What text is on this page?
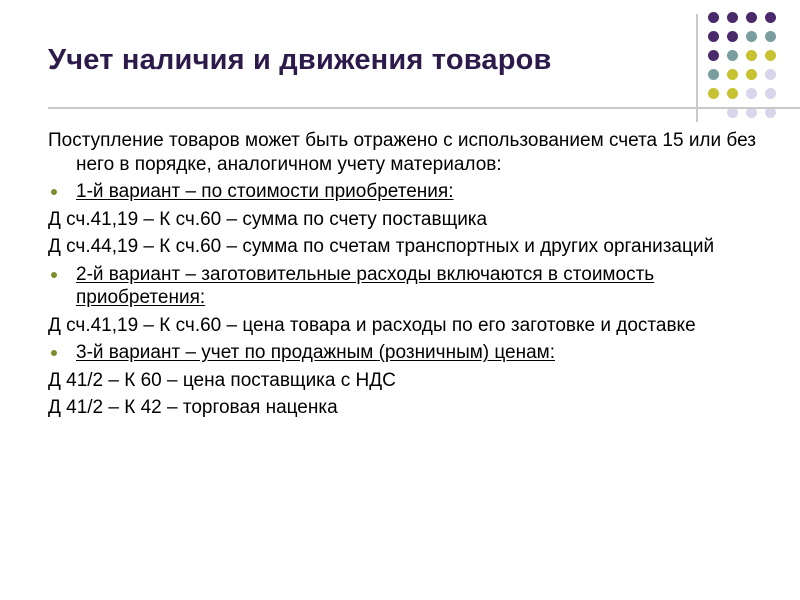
Учет наличия и движения товаров

Поступление товаров может быть отражено с использованием счета 15 или без него в порядке, аналогичном учету материалов:

1-й вариант – по стоимости приобретения:

Д сч.41,19 – К сч.60 – сумма по счету поставщика

Д сч.44,19 – К сч.60 – сумма по счетам транспортных и других организаций

2-й вариант – заготовительные расходы включаются в стоимость приобретения:

Д сч.41,19 – К сч.60 – цена товара и расходы по его заготовке и доставке

3-й вариант – учет по продажным (розничным) ценам:

Д 41/2 – К 60 – цена поставщика с НДС

Д 41/2 – К 42 – торговая наценка
